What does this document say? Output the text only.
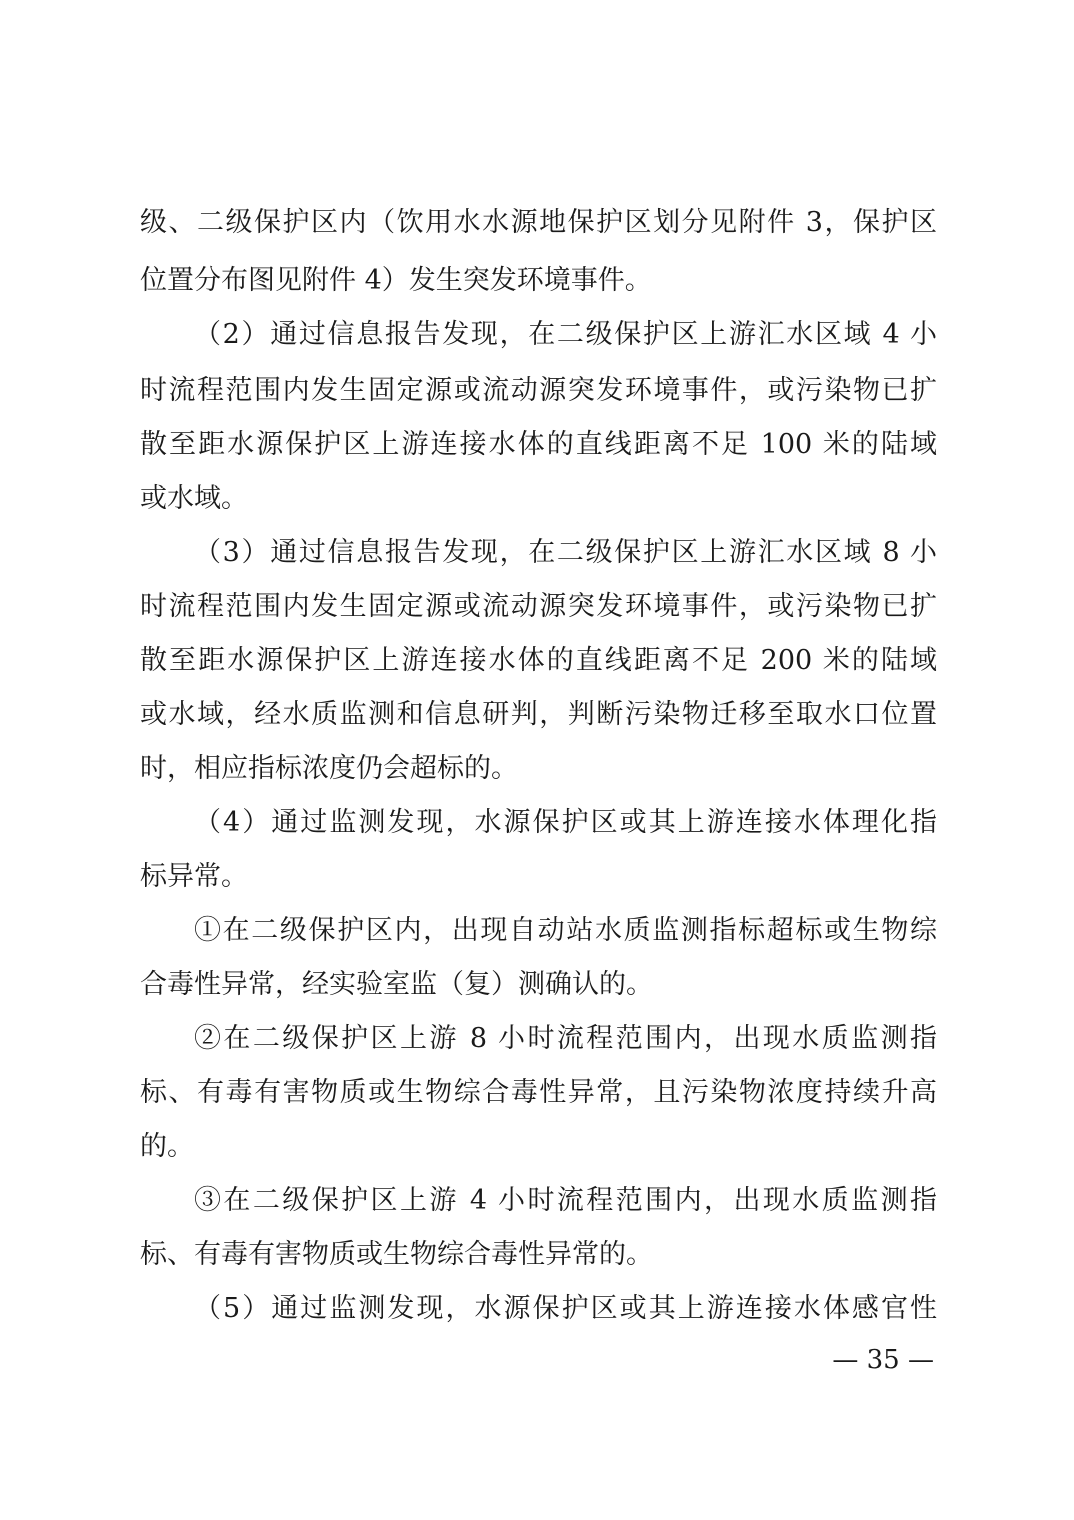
级、二级保护区内（饮用水水源地保护区划分见附件 3，保护区
位置分布图见附件 4）发生突发环境事件。
（2）通过信息报告发现，在二级保护区上游汇水区域 4 小
时流程范围内发生固定源或流动源突发环境事件，或污染物已扩
散至距水源保护区上游连接水体的直线距离不足 100 米的陆域
或水域。
（3）通过信息报告发现，在二级保护区上游汇水区域 8 小
时流程范围内发生固定源或流动源突发环境事件，或污染物已扩
散至距水源保护区上游连接水体的直线距离不足 200 米的陆域
或水域，经水质监测和信息研判，判断污染物迁移至取水口位置
时，相应指标浓度仍会超标的。
（4）通过监测发现，水源保护区或其上游连接水体理化指
标异常。
①在二级保护区内，出现自动站水质监测指标超标或生物综
合毒性异常，经实验室监（复）测确认的。
②在二级保护区上游 8 小时流程范围内，出现水质监测指
标、有毒有害物质或生物综合毒性异常，且污染物浓度持续升高
的。
③在二级保护区上游 4 小时流程范围内，出现水质监测指
标、有毒有害物质或生物综合毒性异常的。
（5）通过监测发现，水源保护区或其上游连接水体感官性
— 35 —
